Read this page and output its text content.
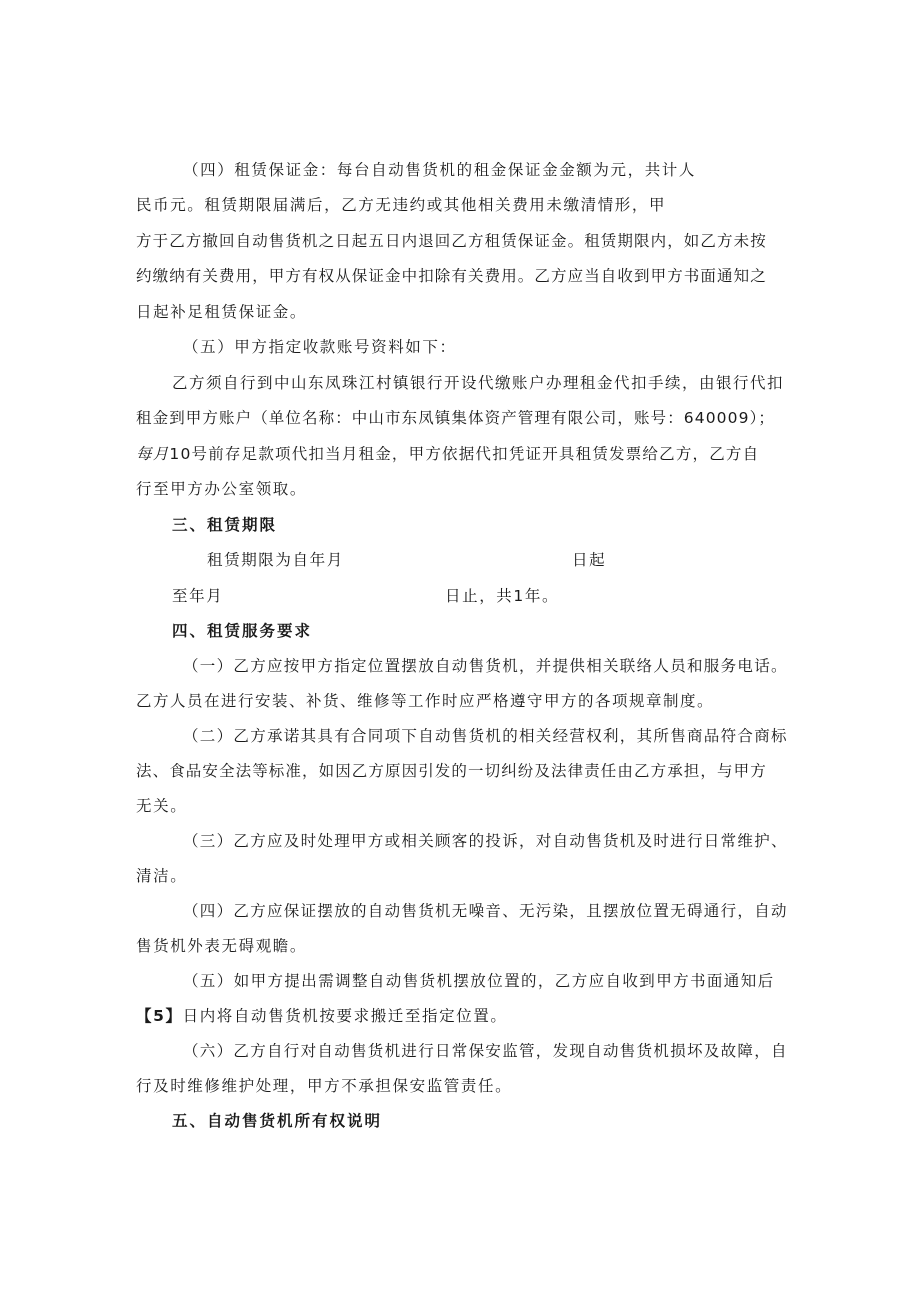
（四）租赁保证金：每台自动售货机的租金保证金金额为元，共计人
民币元。租赁期限届满后，乙方无违约或其他相关费用未缴清情形，甲
方于乙方撤回自动售货机之日起五日内退回乙方租赁保证金。租赁期限内，如乙方未按
约缴纳有关费用，甲方有权从保证金中扣除有关费用。乙方应当自收到甲方书面通知之
日起补足租赁保证金。
（五）甲方指定收款账号资料如下：
乙方须自行到中山东凤珠江村镇银行开设代缴账户办理租金代扣手续，由银行代扣
租金到甲方账户（单位名称：中山市东凤镇集体资产管理有限公司，账号：640009）；
每月10号前存足款项代扣当月租金，甲方依据代扣凭证开具租赁发票给乙方，乙方自
行至甲方办公室领取。
三、租赁期限
租赁期限为自年月	日起
至年月	日止，共1年。
四、租赁服务要求
（一）乙方应按甲方指定位置摆放自动售货机，并提供相关联络人员和服务电话。
乙方人员在进行安装、补货、维修等工作时应严格遵守甲方的各项规章制度。
（二）乙方承诺其具有合同项下自动售货机的相关经营权利，其所售商品符合商标
法、食品安全法等标准，如因乙方原因引发的一切纠纷及法律责任由乙方承担，与甲方
无关。
（三）乙方应及时处理甲方或相关顾客的投诉，对自动售货机及时进行日常维护、
清洁。
（四）乙方应保证摆放的自动售货机无噪音、无污染，且摆放位置无碍通行，自动
售货机外表无碍观瞻。
（五）如甲方提出需调整自动售货机摆放位置的，乙方应自收到甲方书面通知后
【5】日内将自动售货机按要求搬迁至指定位置。
（六）乙方自行对自动售货机进行日常保安监管，发现自动售货机损坏及故障，自
行及时维修维护处理，甲方不承担保安监管责任。
五、自动售货机所有权说明
